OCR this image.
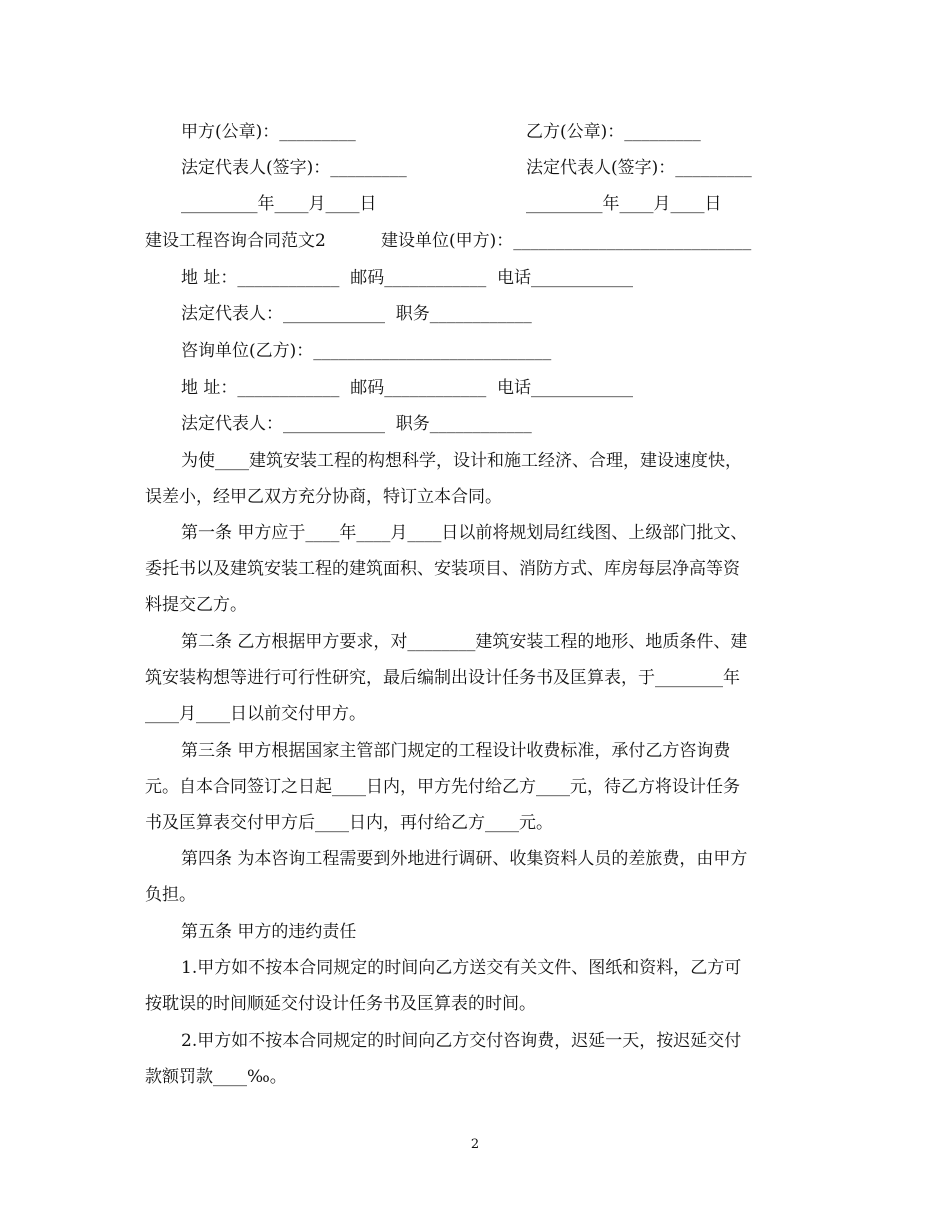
甲方(公章)：_________	乙方(公章)：_________
法定代表人(签字)：_________	法定代表人(签字)：_________
_________年____月____日	_________年____月____日
建设工程咨询合同范文2	建设单位(甲方)：____________________________
地 址：____________  邮码____________  电话____________
法定代表人：____________  职务____________
咨询单位(乙方)：____________________________
地 址：____________  邮码____________  电话____________
法定代表人：____________  职务____________
为使____建筑安装工程的构想科学，设计和施工经济、合理，建设速度快，
误差小，经甲乙双方充分协商，特订立本合同。
第一条 甲方应于____年____月____日以前将规划局红线图、上级部门批文、
委托书以及建筑安装工程的建筑面积、安装项目、消防方式、库房每层净高等资
料提交乙方。
第二条 乙方根据甲方要求，对________建筑安装工程的地形、地质条件、建
筑安装构想等进行可行性研究，最后编制出设计任务书及匡算表，于________年
____月____日以前交付甲方。
第三条 甲方根据国家主管部门规定的工程设计收费标准，承付乙方咨询费
元。自本合同签订之日起____日内，甲方先付给乙方____元，待乙方将设计任务
书及匡算表交付甲方后____日内，再付给乙方____元。
第四条 为本咨询工程需要到外地进行调研、收集资料人员的差旅费，由甲方
负担。
第五条 甲方的违约责任
1.甲方如不按本合同规定的时间向乙方送交有关文件、图纸和资料，乙方可
按耽误的时间顺延交付设计任务书及匡算表的时间。
2.甲方如不按本合同规定的时间向乙方交付咨询费，迟延一天，按迟延交付
款额罚款____‰。
2
